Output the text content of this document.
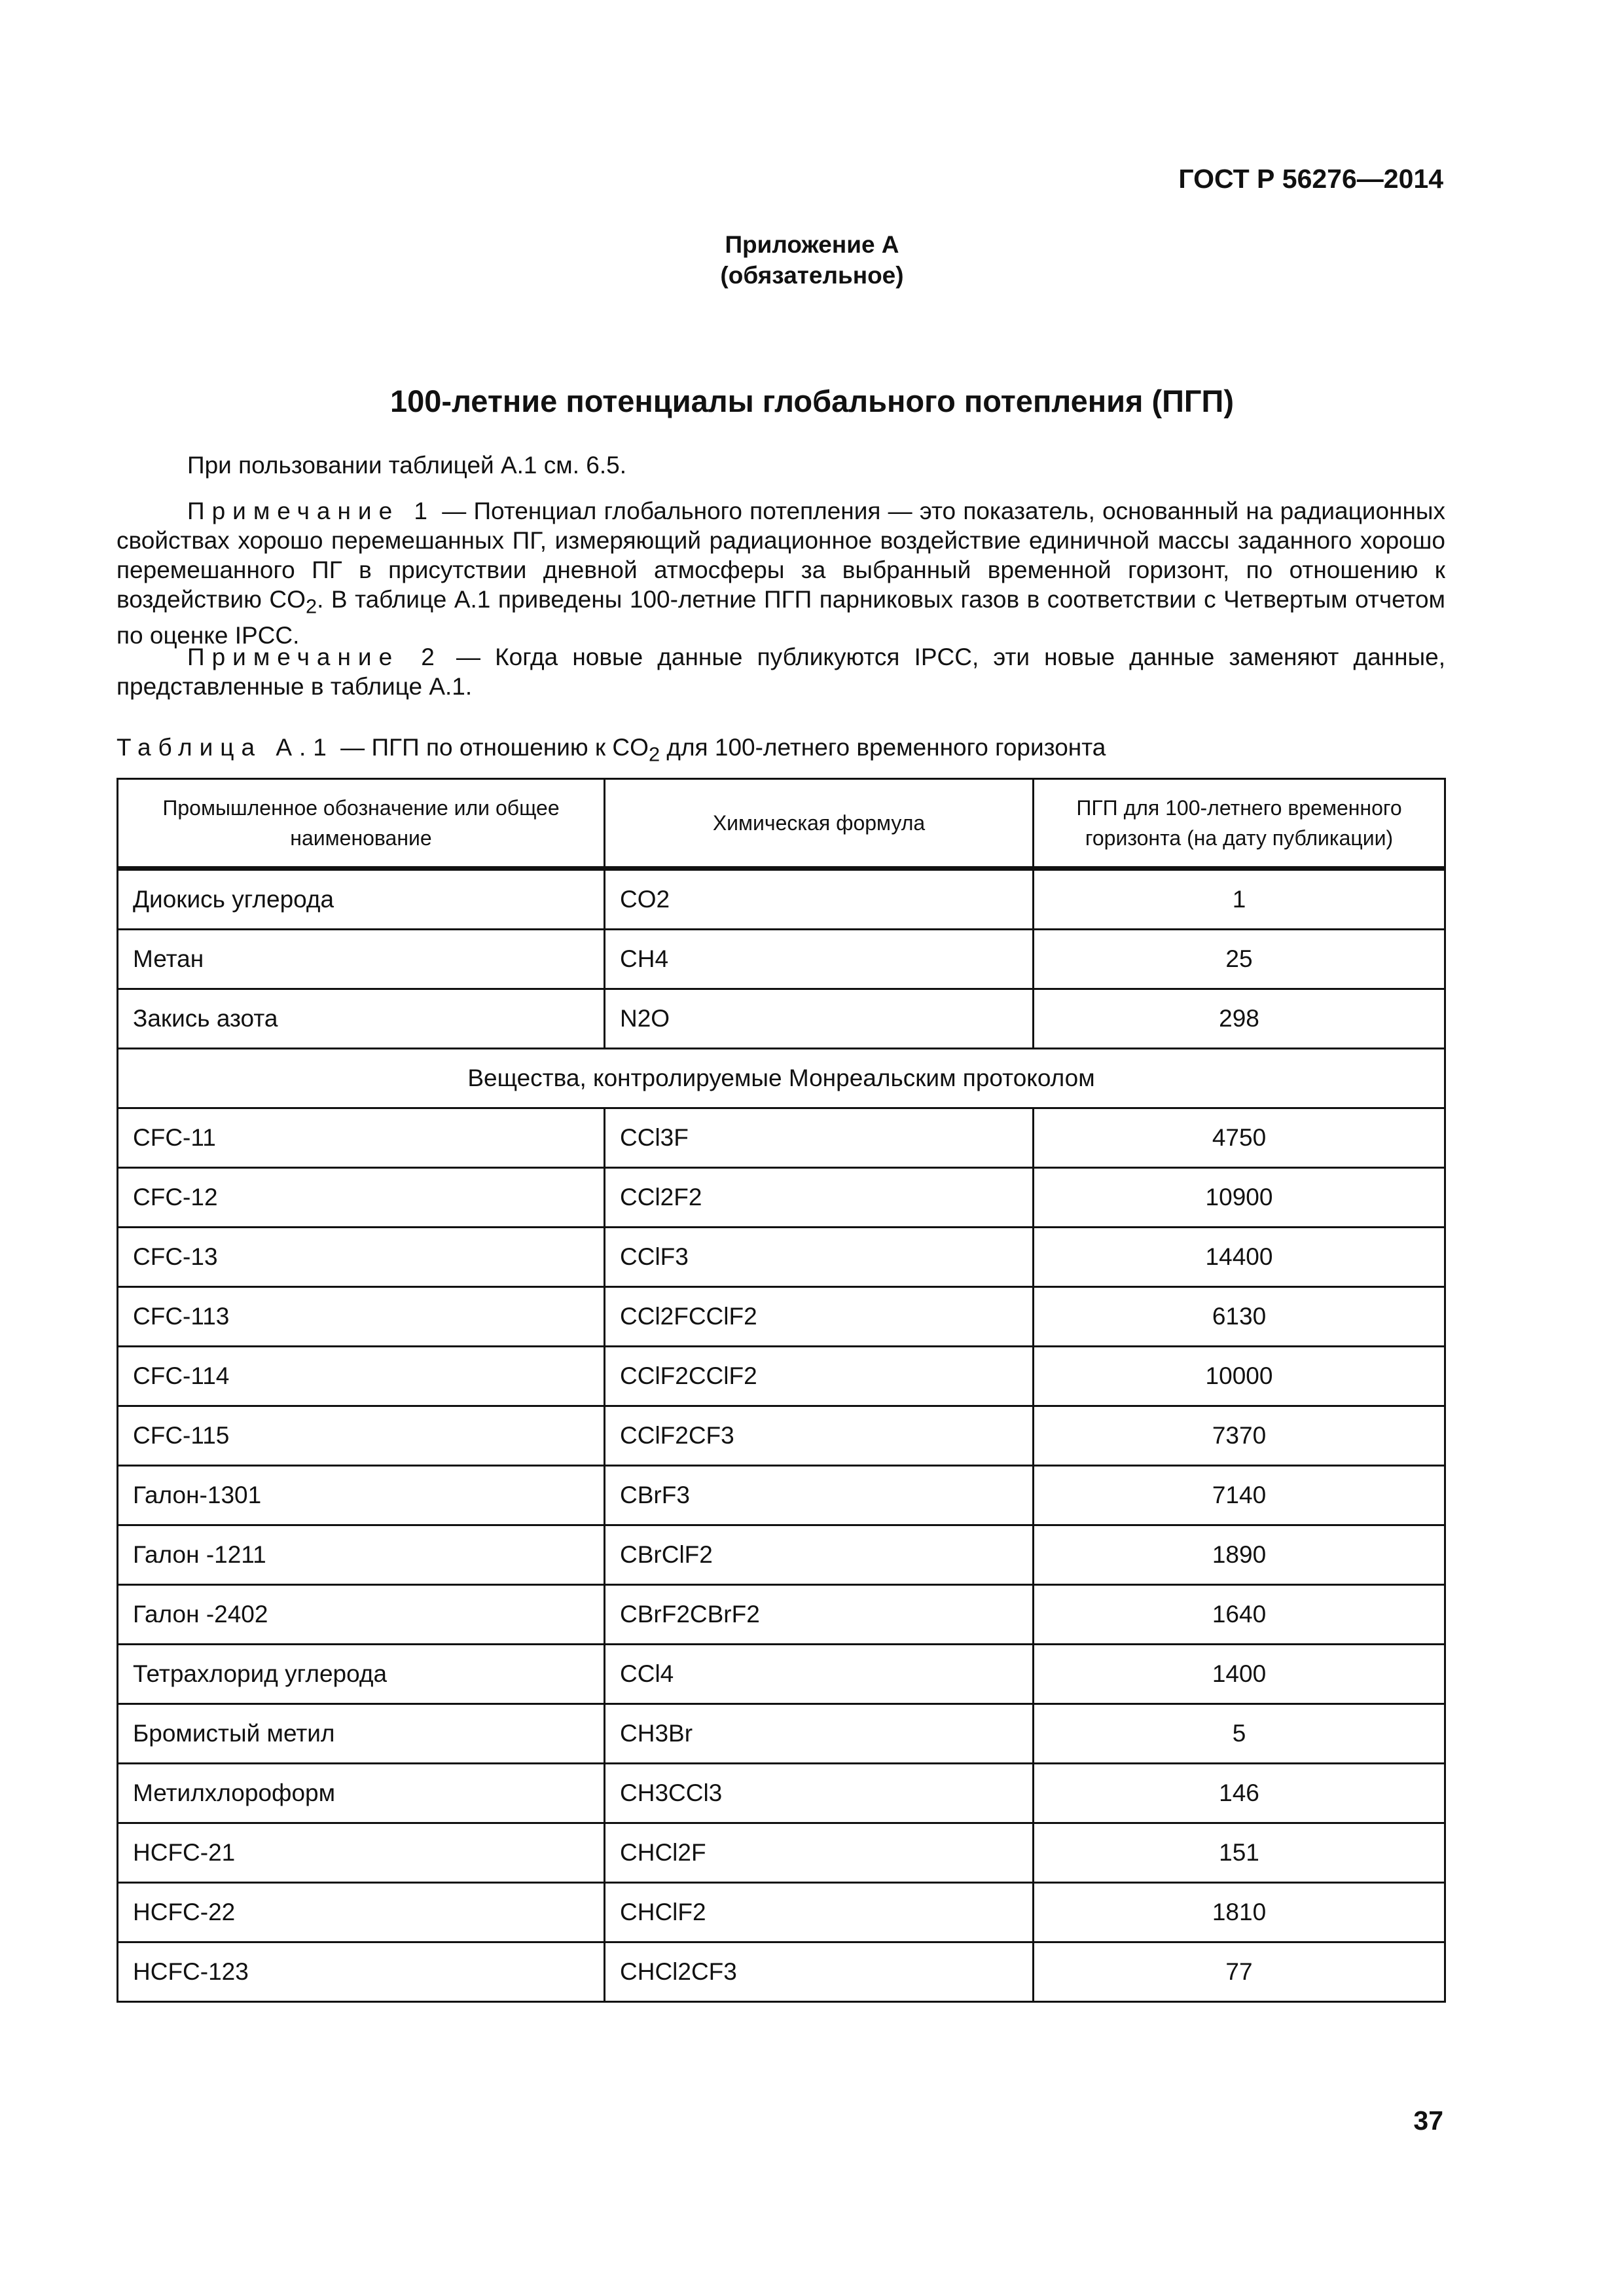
ГОСТ Р 56276—2014
Приложение А
(обязательное)
100-летние потенциалы глобального потепления (ПГП)
При пользовании таблицей А.1 см. 6.5.
Примечание 1 — Потенциал глобального потепления — это показатель, основанный на радиационных свойствах хорошо перемешанных ПГ, измеряющий радиационное воздействие единичной массы заданного хорошо перемешанного ПГ в присутствии дневной атмосферы за выбранный временной горизонт, по отношению к воздействию $CO_2$. В таблице А.1 приведены 100-летние ПГП парниковых газов в соответствии с Четвертым отчетом по оценке IPCC.
Примечание 2 — Когда новые данные публикуются IPCC, эти новые данные заменяют данные, представленные в таблице А.1.
Таблица А.1 — ПГП по отношению к $CO_2$ для 100-летнего временного горизонта
Промышленное обозначение или общее наименование	Химическая формула	ПГП для 100-летнего временного горизонта (на дату публикации)
Диокись углерода	CO2	1
Метан	CH4	25
Закись азота	N2O	298
Вещества, контролируемые Монреальским протоколом		
CFC-11	CCl3F	4750
CFC-12	CCl2F2	10900
CFC-13	CClF3	14400
CFC-113	CCl2FCClF2	6130
CFC-114	CClF2CClF2	10000
CFC-115	CClF2CF3	7370
Галон-1301	CBrF3	7140
Галон -1211	CBrClF2	1890
Галон -2402	CBrF2CBrF2	1640
Тетрахлорид углерода	CCl4	1400
Бромистый метил	CH3Br	5
Метилхлороформ	CH3CCl3	146
HCFC-21	CHCl2F	151
HCFC-22	CHClF2	1810
HCFC-123	CHCl2CF3	77
37
